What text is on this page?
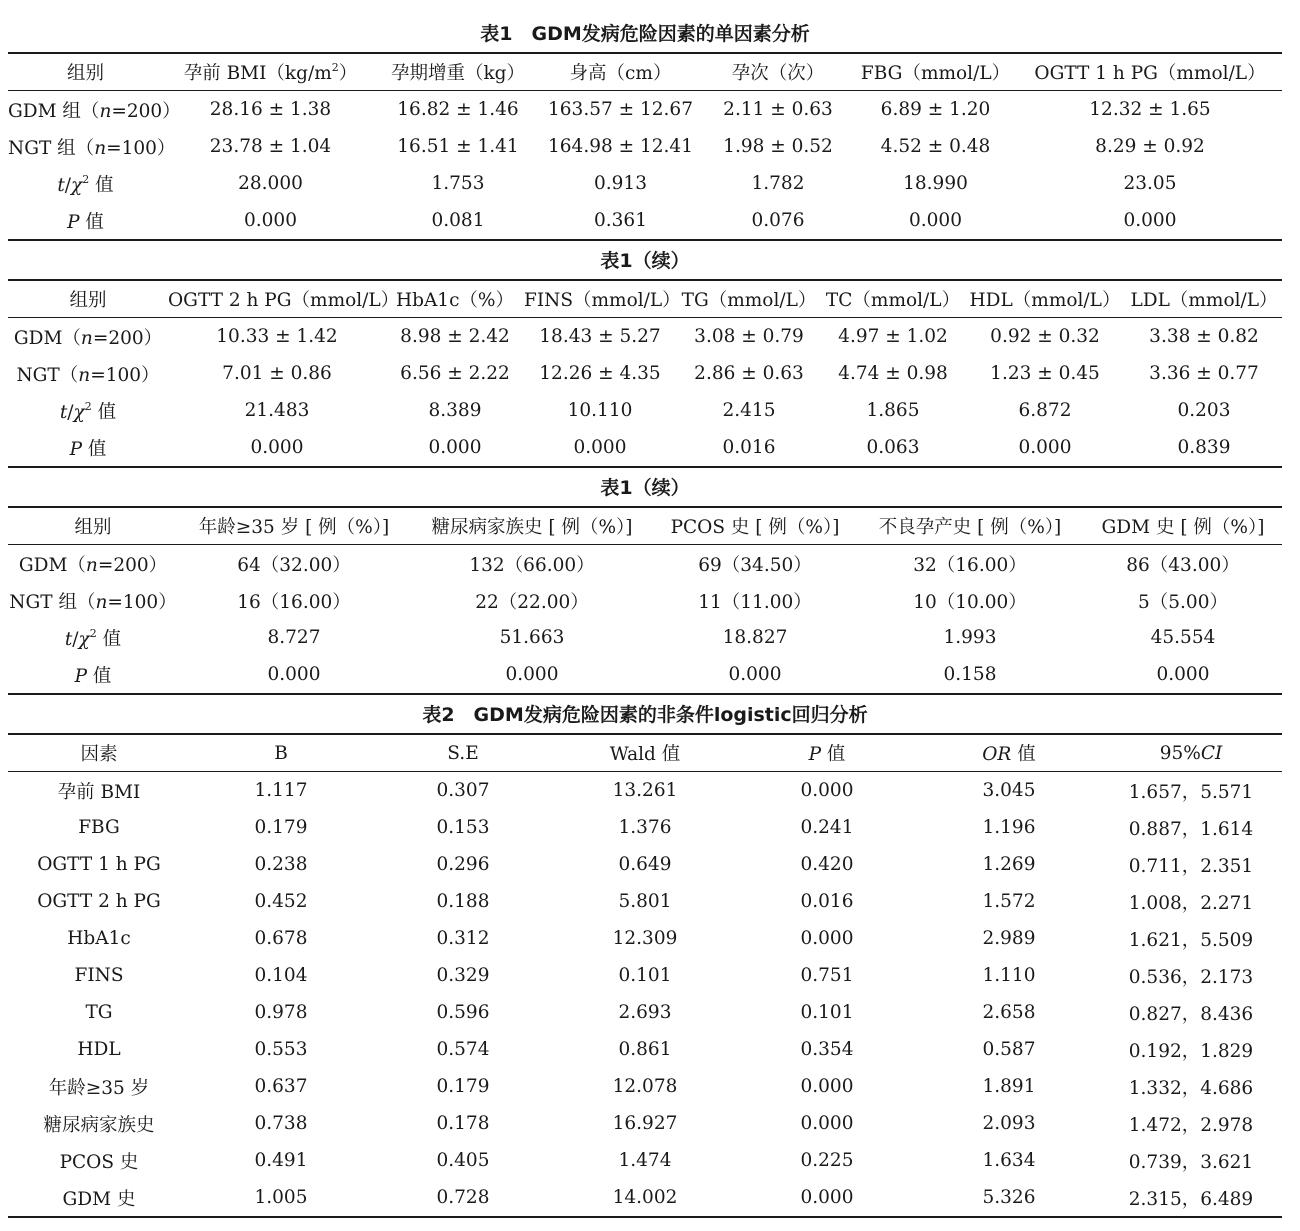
表1　GDM发病危险因素的单因素分析
组别	孕前 $BMI(kg/m^2)$	孕期增重（kg）	身高（cm）	孕次（次）	FBG（mmol/L）	OGTT 1 h PG（mmol/L）
GDM 组（n=200）	28.16 ± 1.38	16.82 ± 1.46	163.57 ± 12.67	2.11 ± 0.63	6.89 ± 1.20	12.32 ± 1.65
NGT 组（n=100）	23.78 ± 1.04	16.51 ± 1.41	164.98 ± 12.41	1.98 ± 0.52	4.52 ± 0.48	8.29 ± 0.92
$t/\chi^2$ 值	28.000	1.753	0.913	1.782	18.990	23.05
P 值	0.000	0.081	0.361	0.076	0.000	0.000
表1（续）
组别	OGTT 2 h PG（mmol/L）	HbA1c（%）	FINS（mmol/L）	TG（mmol/L）	TC（mmol/L）	HDL（mmol/L）	LDL（mmol/L）
GDM（n=200）	10.33 ± 1.42	8.98 ± 2.42	18.43 ± 5.27	3.08 ± 0.79	4.97 ± 1.02	0.92 ± 0.32	3.38 ± 0.82
NGT（n=100）	7.01 ± 0.86	6.56 ± 2.22	12.26 ± 4.35	2.86 ± 0.63	4.74 ± 0.98	1.23 ± 0.45	3.36 ± 0.77
$t/\chi^2$ 值	21.483	8.389	10.110	2.415	1.865	6.872	0.203
P 值	0.000	0.000	0.000	0.016	0.063	0.000	0.839
表1（续）
组别	年龄≥35 岁 [ 例（%）]	糖尿病家族史 [ 例（%）]	PCOS 史 [ 例（%）]	不良孕产史 [ 例（%）]	GDM 史 [ 例（%）]
GDM（n=200）	64（32.00）	132（66.00）	69（34.50）	32（16.00）	86（43.00）
NGT 组（n=100）	16（16.00）	22（22.00）	11（11.00）	10（10.00）	5（5.00）
$t/\chi^2$ 值	8.727	51.663	18.827	1.993	45.554
P 值	0.000	0.000	0.000	0.158	0.000
表2　GDM发病危险因素的非条件logistic回归分析
因素	B	S.E	Wald 值	P 值	OR 值	95%CI
孕前 BMI	1.117	0.307	13.261	0.000	3.045	1.657，5.571
FBG	0.179	0.153	1.376	0.241	1.196	0.887，1.614
OGTT 1 h PG	0.238	0.296	0.649	0.420	1.269	0.711，2.351
OGTT 2 h PG	0.452	0.188	5.801	0.016	1.572	1.008，2.271
HbA1c	0.678	0.312	12.309	0.000	2.989	1.621，5.509
FINS	0.104	0.329	0.101	0.751	1.110	0.536，2.173
TG	0.978	0.596	2.693	0.101	2.658	0.827，8.436
HDL	0.553	0.574	0.861	0.354	0.587	0.192，1.829
年龄≥35 岁	0.637	0.179	12.078	0.000	1.891	1.332，4.686
糖尿病家族史	0.738	0.178	16.927	0.000	2.093	1.472，2.978
PCOS 史	0.491	0.405	1.474	0.225	1.634	0.739，3.621
GDM 史	1.005	0.728	14.002	0.000	5.326	2.315，6.489
